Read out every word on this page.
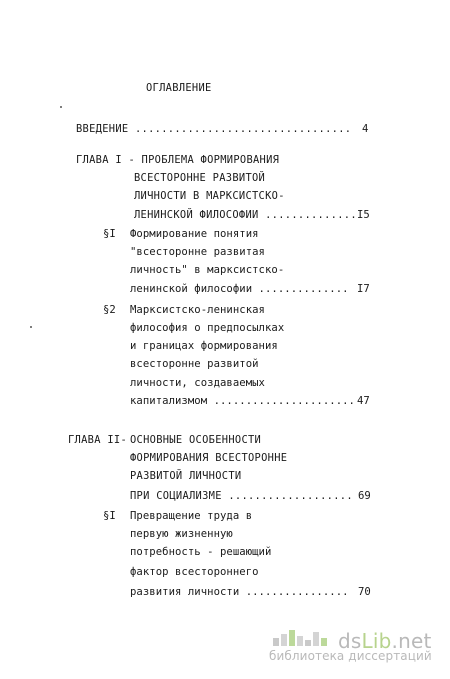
ОГЛАВЛЕНИЕ
ВВЕДЕНИЕ ................................. 4
ГЛАВА I - ПРОБЛЕМА ФОРМИРОВАНИЯ
ВСЕСТОРОННЕ РАЗВИТОЙ
ЛИЧНОСТИ В МАРКСИСТСКО-
ЛЕНИНСКОЙ ФИЛОСОФИИ .............. I5
§I Формирование понятия
"всесторонне развитая
личность" в марксистско-
ленинской философии .............. I7
§2 Марксистско-ленинская
философия о предпосылках
и границах формирования
всесторонне развитой
личности, создаваемых
капитализмом ...................... 47
ГЛАВА II- ОСНОВНЫЕ ОСОБЕННОСТИ
ФОРМИРОВАНИЯ ВСЕСТОРОННЕ
РАЗВИТОЙ ЛИЧНОСТИ
ПРИ СОЦИАЛИЗМЕ ................... 69
§I Превращение труда в
первую жизненную
потребность - решающий
фактор всестороннего
развития личности ................ 70
dsLib.net
библиотека диссертаций
